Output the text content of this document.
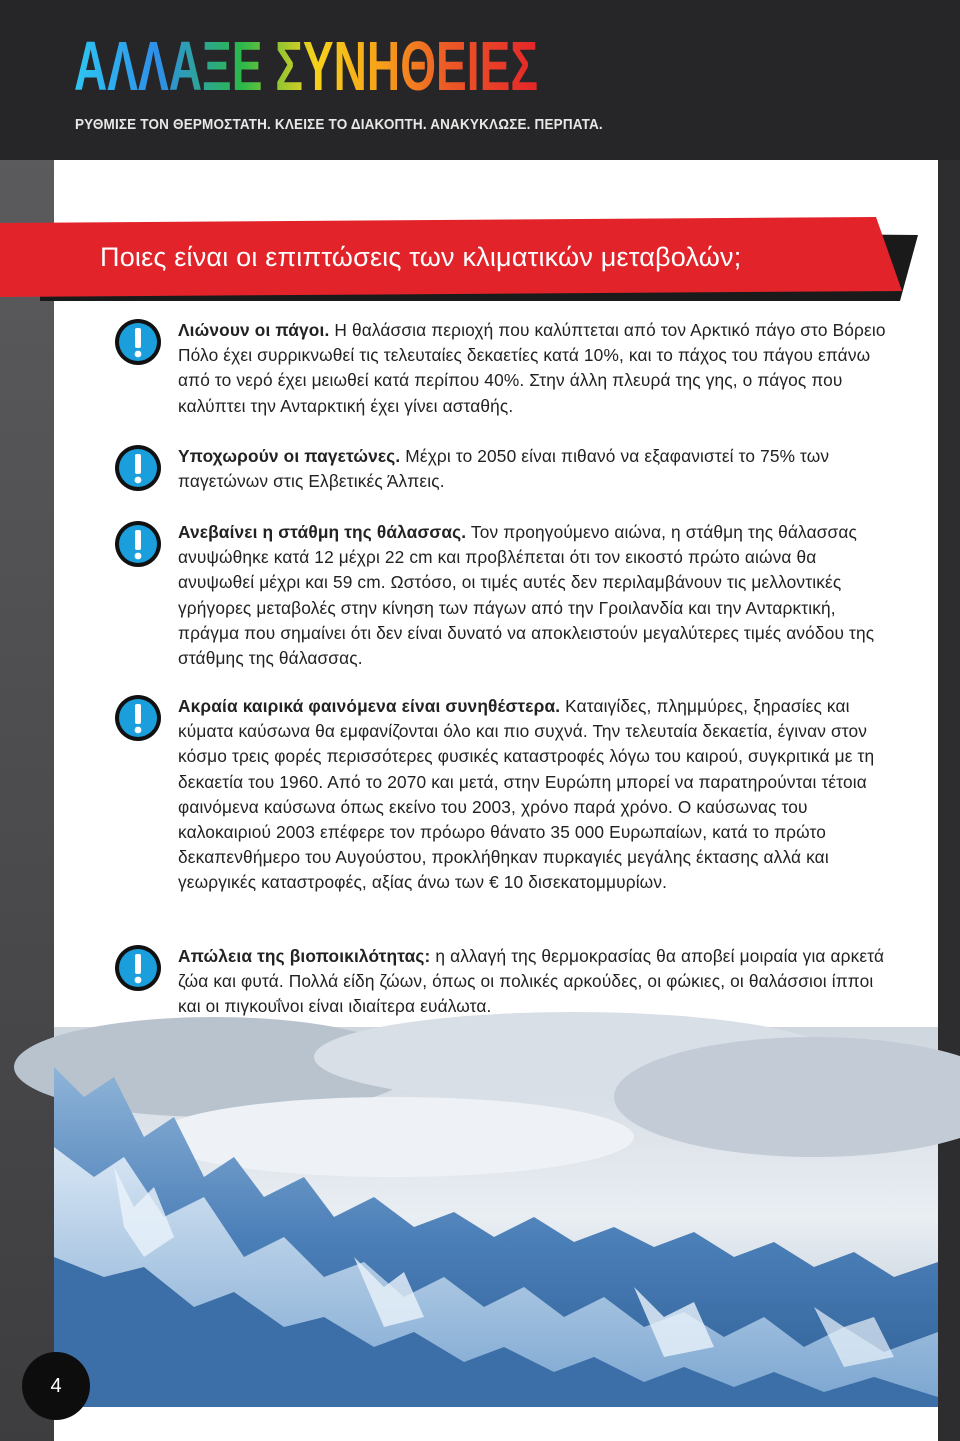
ΑΛΛΑΞΕ ΣΥΝΗΘΕΙΕΣ
ΡΥΘΜΙΣΕ ΤΟΝ ΘΕΡΜΟΣΤΑΤΗ. ΚΛΕΙΣΕ ΤΟ ΔΙΑΚΟΠΤΗ. ΑΝΑΚΥΚΛΩΣΕ. ΠΕΡΠΑΤΑ.
Ποιες είναι οι επιπτώσεις των κλιματικών μεταβολών;
Λιώνουν οι πάγοι. Η θαλάσσια περιοχή που καλύπτεται από τον Αρκτικό πάγο στο Βόρειο Πόλο έχει συρρικνωθεί τις τελευταίες δεκαετίες κατά 10%, και το πάχος του πάγου επάνω από το νερό έχει μειωθεί κατά περίπου 40%. Στην άλλη πλευρά της γης, ο πάγος που καλύπτει την Ανταρκτική έχει γίνει ασταθής.
Υποχωρούν οι παγετώνες. Μέχρι το 2050 είναι πιθανό να εξαφανιστεί το 75% των παγετώνων στις Ελβετικές Άλπεις.
Ανεβαίνει η στάθμη της θάλασσας. Τον προηγούμενο αιώνα, η στάθμη της θάλασσας ανυψώθηκε κατά 12 μέχρι 22 cm και προβλέπεται ότι τον εικοστό πρώτο αιώνα θα ανυψωθεί μέχρι και 59 cm. Ωστόσο, οι τιμές αυτές δεν περιλαμβάνουν τις μελλοντικές γρήγορες μεταβολές στην κίνηση των πάγων από την Γροιλανδία και την Ανταρκτική, πράγμα που σημαίνει ότι δεν είναι δυνατό να αποκλειστούν μεγαλύτερες τιμές ανόδου της στάθμης της θάλασσας.
Ακραία καιρικά φαινόμενα είναι συνηθέστερα. Καταιγίδες, πλημμύρες, ξηρασίες και κύματα καύσωνα θα εμφανίζονται όλο και πιο συχνά. Την τελευταία δεκαετία, έγιναν στον κόσμο τρεις φορές περισσότερες φυσικές καταστροφές λόγω του καιρού, συγκριτικά με τη δεκαετία του 1960. Από το 2070 και μετά, στην Ευρώπη μπορεί να παρατηρούνται τέτοια φαινόμενα καύσωνα όπως εκείνο του 2003, χρόνο παρά χρόνο. Ο καύσωνας του καλοκαιριού 2003 επέφερε τον πρόωρο θάνατο 35 000 Ευρωπαίων, κατά το πρώτο δεκαπενθήμερο του Αυγούστου, προκλήθηκαν πυρκαγιές μεγάλης έκτασης αλλά και γεωργικές καταστροφές, αξίας άνω των € 10 δισεκατομμυρίων.
Απώλεια της βιοποικιλότητας: η αλλαγή της θερμοκρασίας θα αποβεί μοιραία για αρκετά ζώα και φυτά. Πολλά είδη ζώων, όπως οι πολικές αρκούδες, οι φώκιες, οι θαλάσσιοι ίπποι και οι πιγκουΐνοι είναι ιδιαίτερα ευάλωτα.
4
